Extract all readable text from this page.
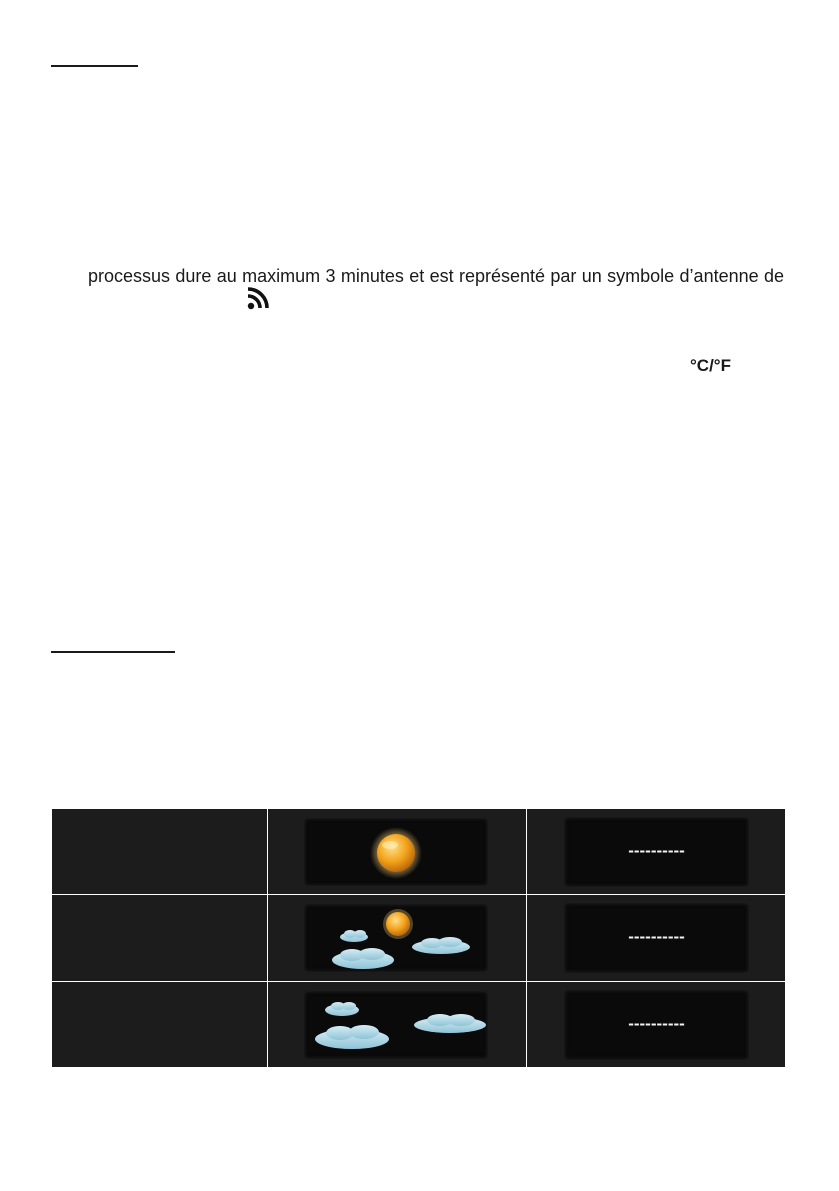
processus dure au maximum 3 minutes et est représenté par un symbole d’antenne de
°C/°F

----------

----------

----------
